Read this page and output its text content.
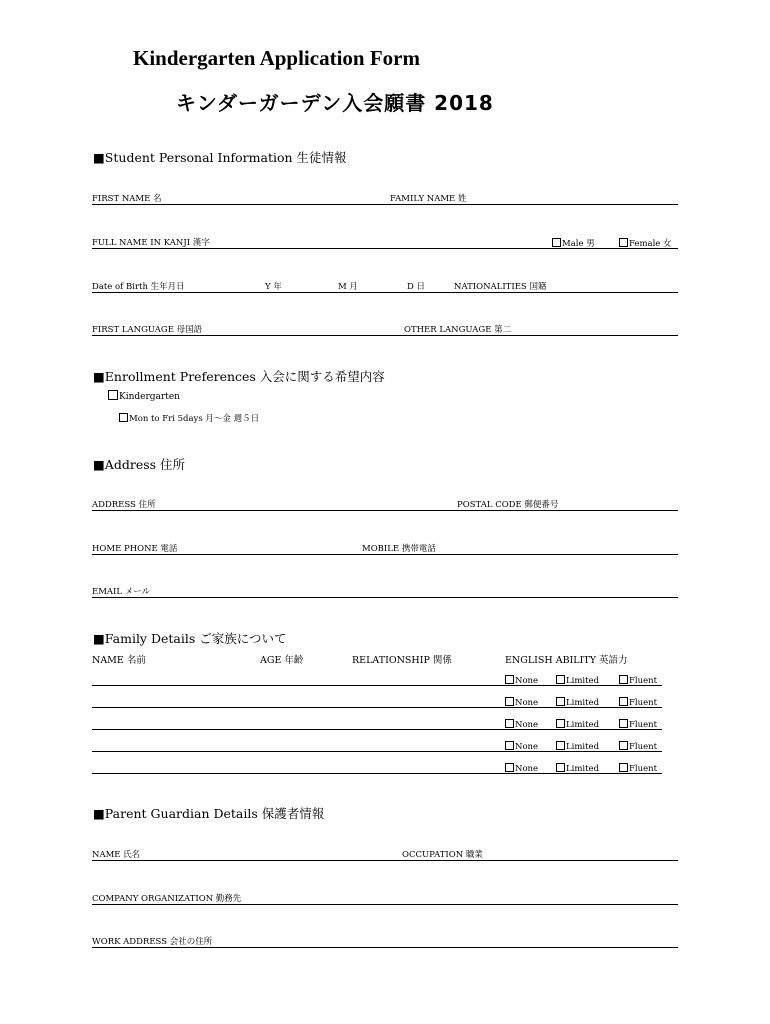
Kindergarten Application Form
キンダーガーデン入会願書 2018
■Student Personal Information 生徒情報
FIRST NAME 名	FAMILY NAME 姓
FULL NAME IN KANJI 漢字	Male 男	Female 女
Date of Birth 生年月日	Y 年	M 月	D 日	NATIONALITIES 国籍
FIRST LANGUAGE 母国語	OTHER LANGUAGE 第二
■Enrollment Preferences 入会に関する希望内容
Kindergarten
Mon to Fri 5days 月～金 週５日
■Address 住所
ADDRESS 住所	POSTAL CODE 郵便番号
HOME PHONE 電話	MOBILE 携帯電話
EMAIL メール
■Family Details ご家族について
NAME 名前	AGE 年齢	RELATIONSHIP 関係	ENGLISH ABILITY 英語力
None	Limited	Fluent
None	Limited	Fluent
None	Limited	Fluent
None	Limited	Fluent
None	Limited	Fluent
■Parent Guardian Details 保護者情報
NAME 氏名	OCCUPATION 職業
COMPANY ORGANIZATION 勤務先
WORK ADDRESS 会社の住所
